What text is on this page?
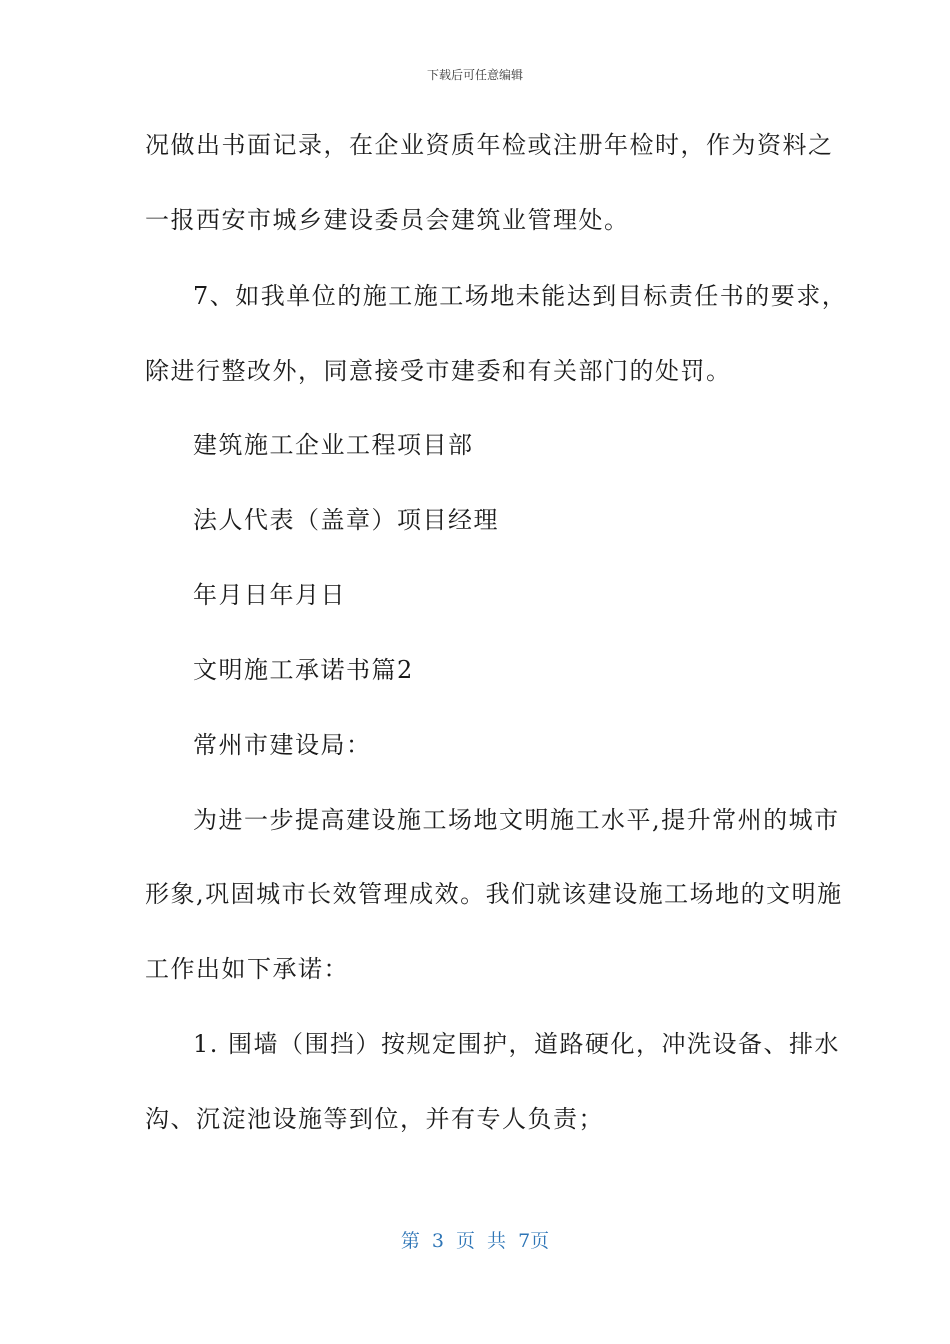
下载后可任意编辑
况做出书面记录，在企业资质年检或注册年检时，作为资料之
一报西安市城乡建设委员会建筑业管理处。
7、如我单位的施工施工场地未能达到目标责任书的要求，
除进行整改外，同意接受市建委和有关部门的处罚。
建筑施工企业工程项目部
法人代表（盖章）项目经理
年月日年月日
文明施工承诺书篇2
常州市建设局：
为进一步提高建设施工场地文明施工水平,提升常州的城市
形象,巩固城市长效管理成效。我们就该建设施工场地的文明施
工作出如下承诺：
1. 围墙（围挡）按规定围护，道路硬化，冲洗设备、排水
沟、沉淀池设施等到位，并有专人负责；
第 3 页 共 7页
